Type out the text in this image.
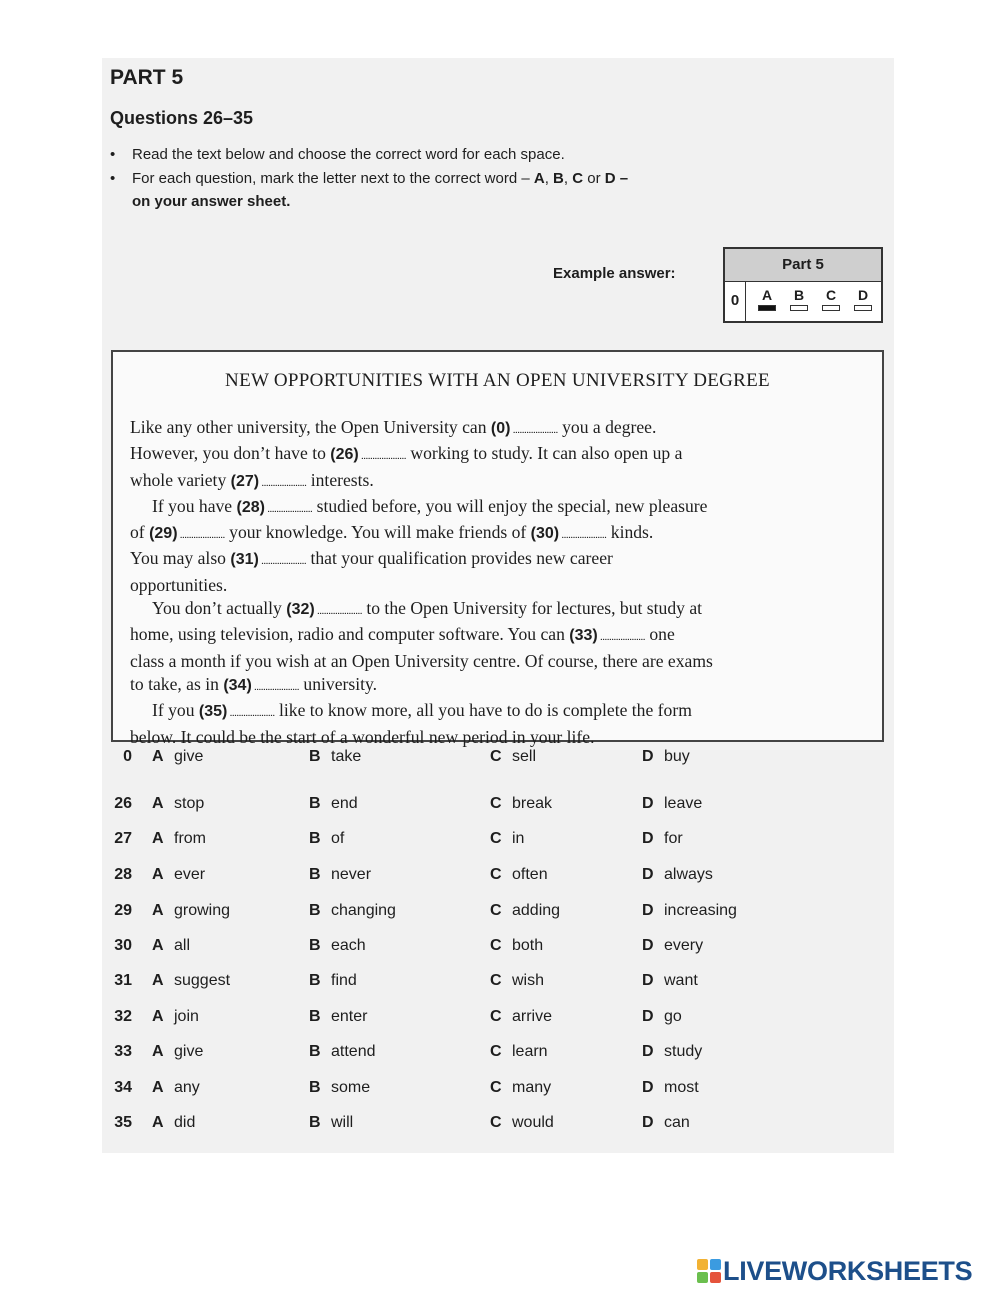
PART 5
Questions 26–35
• Read the text below and choose the correct word for each space.
• For each question, mark the letter next to the correct word – A, B, C or D –
on your answer sheet.
Example answer:
Part 5
0	A	B	C	D
NEW OPPORTUNITIES WITH AN OPEN UNIVERSITY DEGREE

Like any other university, the Open University can (0) .................... you a degree.

However, you don’t have to (26) .................... working to study. It can also open up a

whole variety (27) .................... interests.

If you have (28) .................... studied before, you will enjoy the special, new pleasure

of (29) .................... your knowledge. You will make friends of (30) .................... kinds.

You may also (31) .................... that your qualification provides new career

opportunities.

You don’t actually (32) .................... to the Open University for lectures, but study at

home, using television, radio and computer software. You can (33) .................... one

class a month if you wish at an Open University centre. Of course, there are exams

to take, as in (34) .................... university.

If you (35) .................... like to know more, all you have to do is complete the form

below. It could be the start of a wonderful new period in your life.

0 A give	B take	C sell	D buy
26 A stop	B end	C break	D leave
27 A from	B of	C in	D for
28 A ever	B never	C often	D always
29 A growing	B changing	C adding	D increasing
30 A all	B each	C both	D every
31 A suggest	B find	C wish	D want
32 A join	B enter	C arrive	D go
33 A give	B attend	C learn	D study
34 A any	B some	C many	D most
35 A did	B will	C would	D can
LIVEWORKSHEETS
